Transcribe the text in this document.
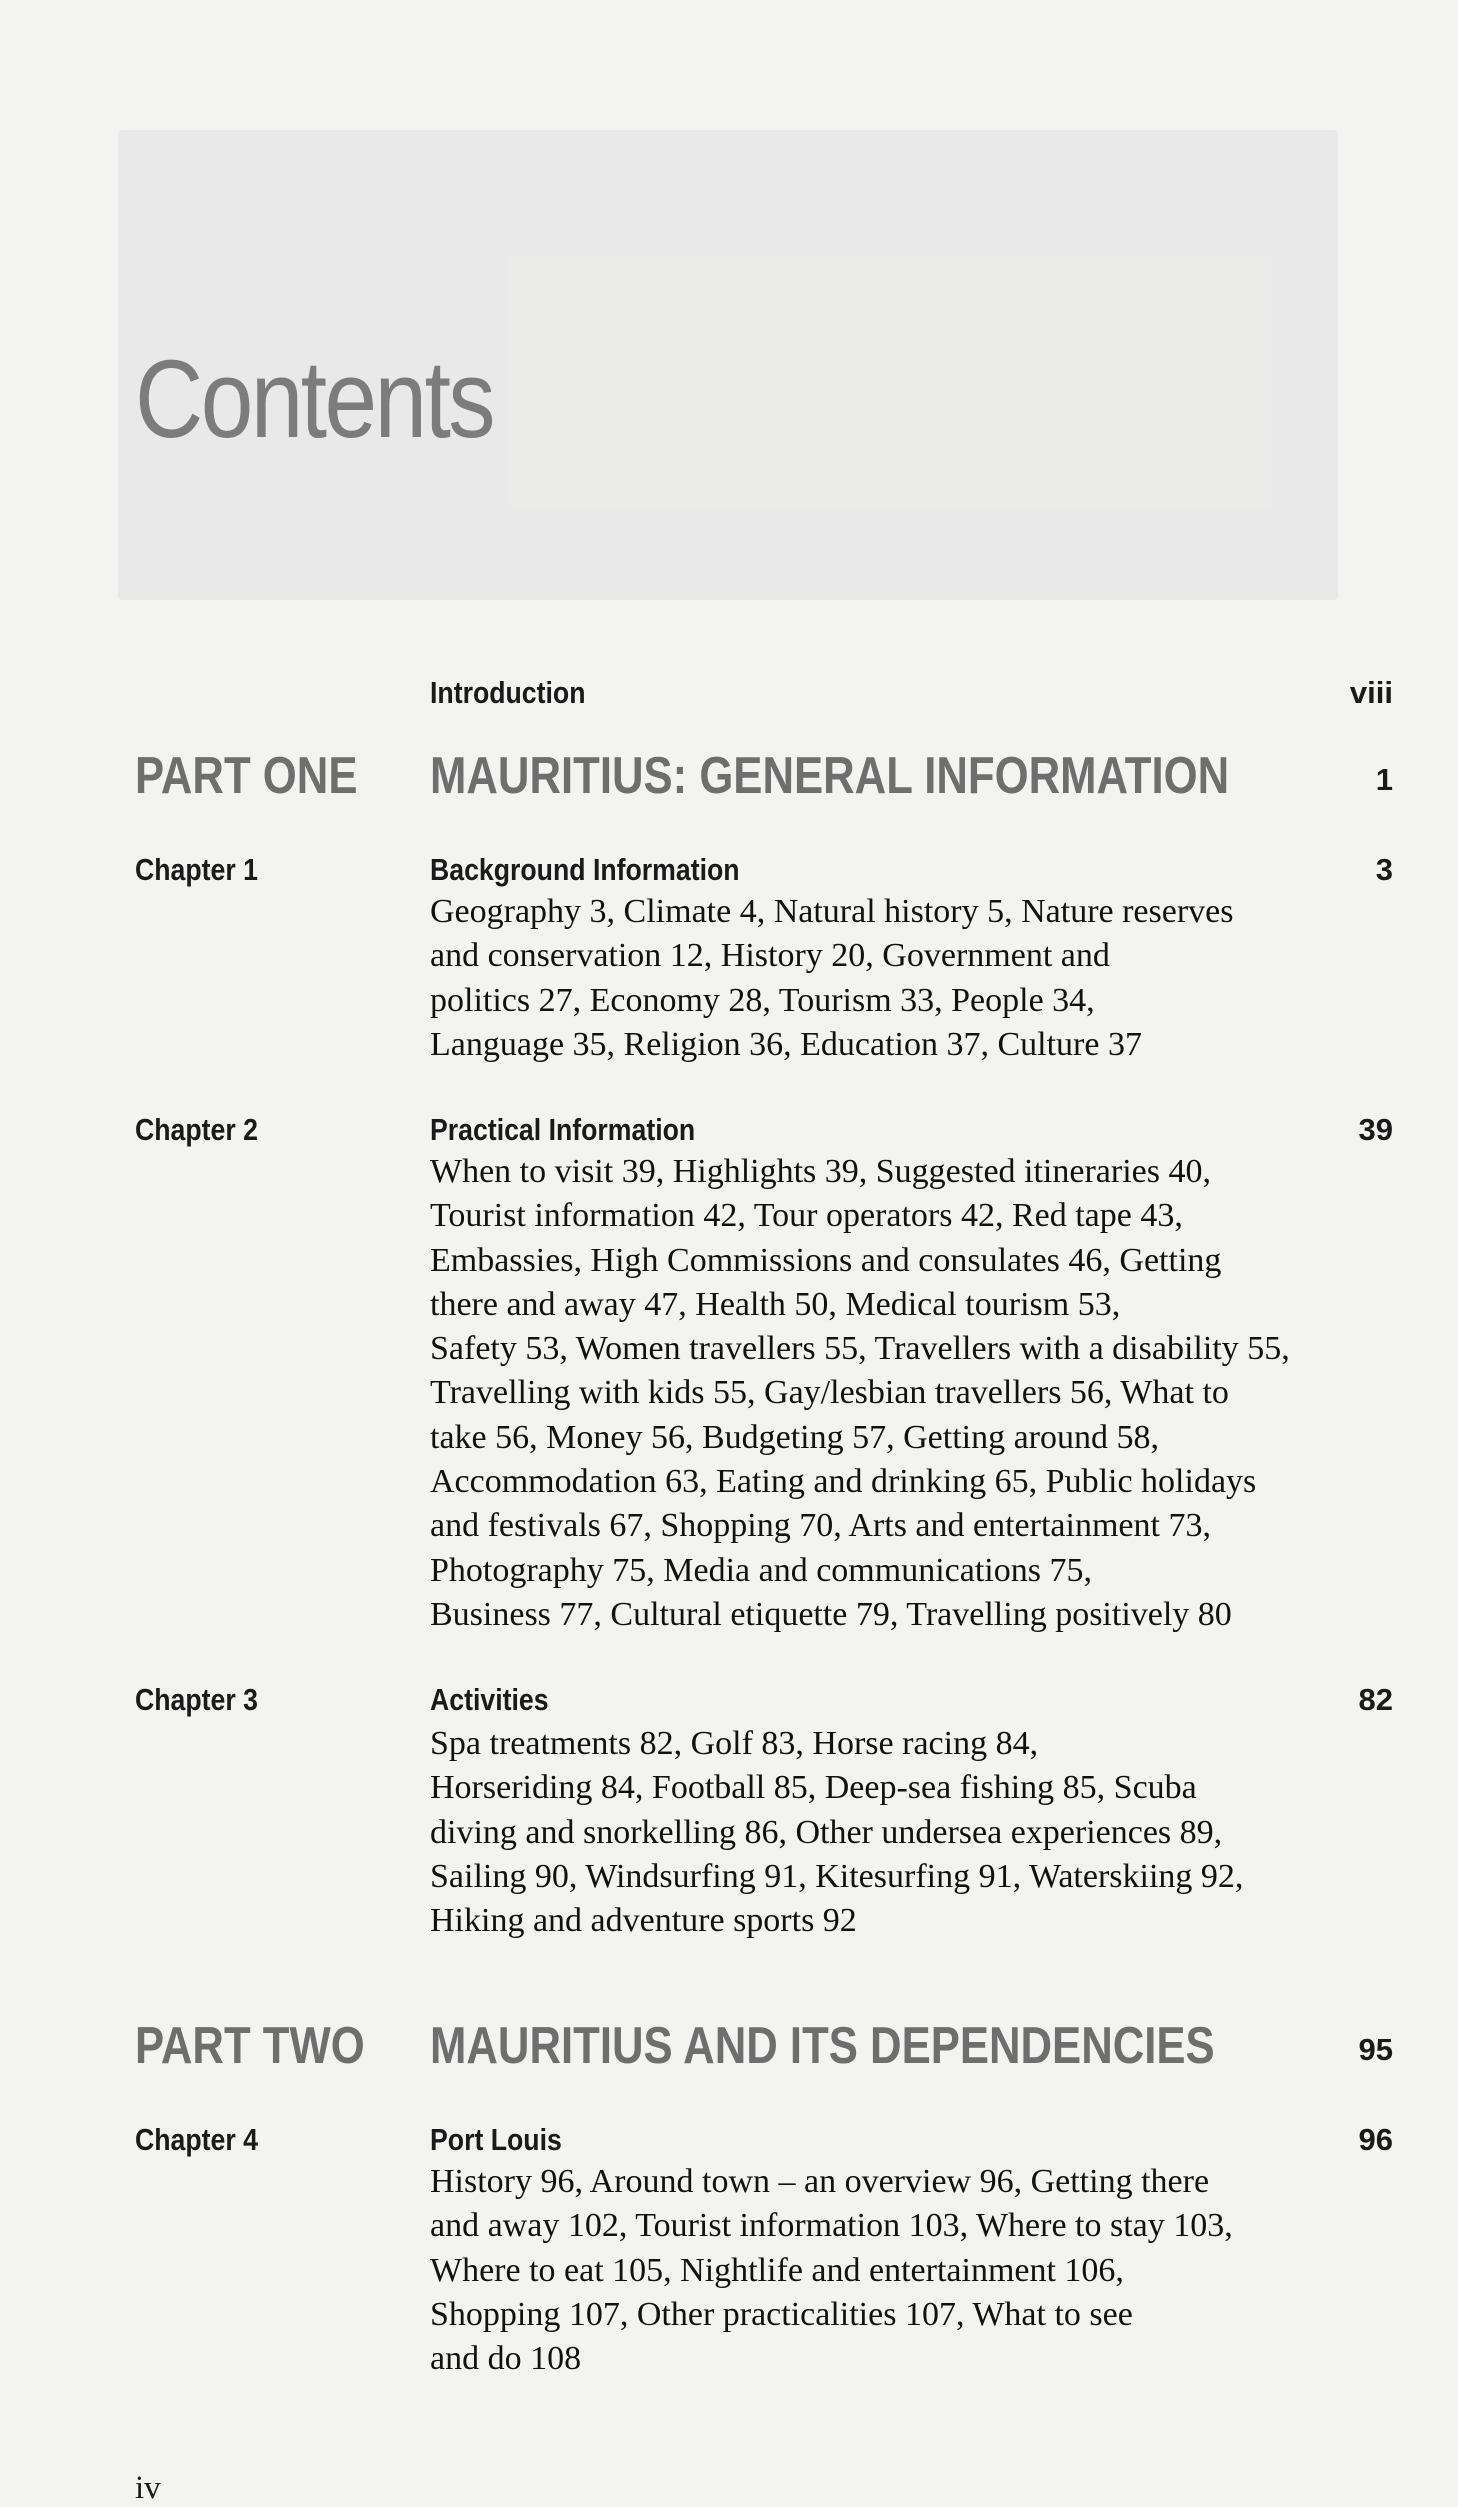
Contents
Introduction	viii
PART ONE MAURITIUS: GENERAL INFORMATION	1
Chapter 1	Background Information	3
Geography 3, Climate 4, Natural history 5, Nature reserves
and conservation 12, History 20, Government and
politics 27, Economy 28, Tourism 33, People 34,
Language 35, Religion 36, Education 37, Culture 37
Chapter 2	Practical Information	39
When to visit 39, Highlights 39, Suggested itineraries 40,
Tourist information 42, Tour operators 42, Red tape 43,
Embassies, High Commissions and consulates 46, Getting
there and away 47, Health 50, Medical tourism 53,
Safety 53, Women travellers 55, Travellers with a disability 55,
Travelling with kids 55, Gay/lesbian travellers 56, What to
take 56, Money 56, Budgeting 57, Getting around 58,
Accommodation 63, Eating and drinking 65, Public holidays
and festivals 67, Shopping 70, Arts and entertainment 73,
Photography 75, Media and communications 75,
Business 77, Cultural etiquette 79, Travelling positively 80
Chapter 3	Activities	82
Spa treatments 82, Golf 83, Horse racing 84,
Horseriding 84, Football 85, Deep-sea fishing 85, Scuba
diving and snorkelling 86, Other undersea experiences 89,
Sailing 90, Windsurfing 91, Kitesurfing 91, Waterskiing 92,
Hiking and adventure sports 92
PART TWO MAURITIUS AND ITS DEPENDENCIES	95
Chapter 4	Port Louis	96
History 96, Around town – an overview 96, Getting there
and away 102, Tourist information 103, Where to stay 103,
Where to eat 105, Nightlife and entertainment 106,
Shopping 107, Other practicalities 107, What to see
and do 108
iv
